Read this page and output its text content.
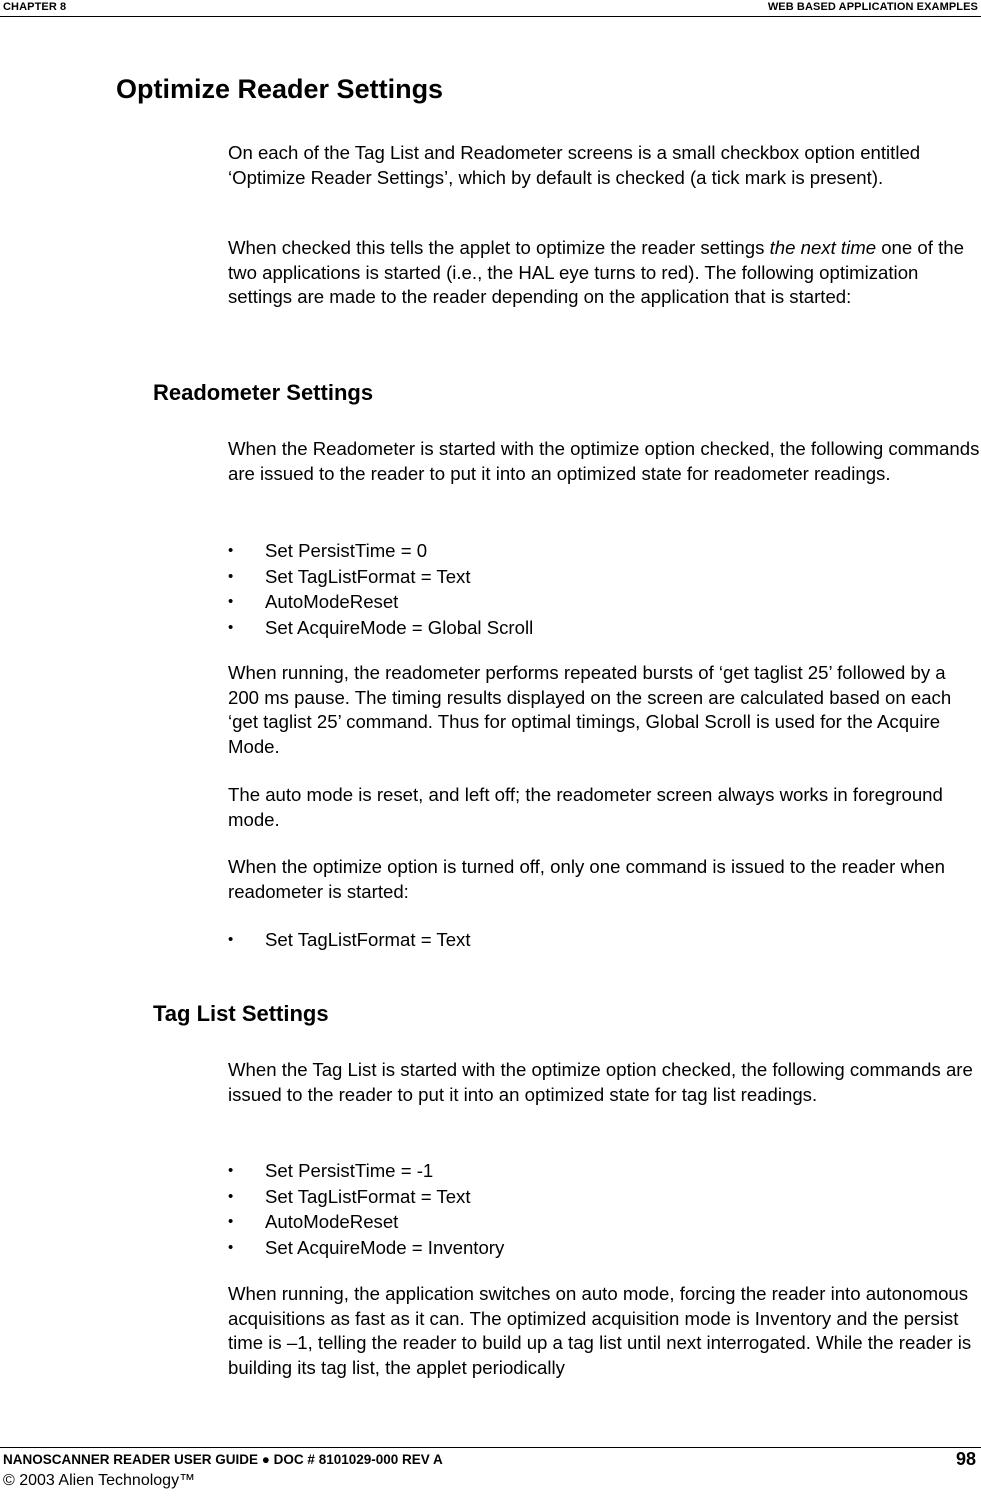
CHAPTER 8	WEB BASED APPLICATION EXAMPLES
Optimize Reader Settings

On each of the Tag List and Readometer screens is a small checkbox option entitled ‘Optimize Reader Settings’, which by default is checked (a tick mark is present).

When checked this tells the applet to optimize the reader settings the next time one of the two applications is started (i.e., the HAL eye turns to red). The following optimization settings are made to the reader depending on the application that is started:

Readometer Settings

When the Readometer is started with the optimize option checked, the following commands are issued to the reader to put it into an optimized state for readometer readings.

•	Set PersistTime = 0
•	Set TagListFormat = Text
•	AutoModeReset
•	Set AcquireMode = Global Scroll

When running, the readometer performs repeated bursts of ‘get taglist 25’ followed by a 200 ms pause. The timing results displayed on the screen are calculated based on each ‘get taglist 25’ command. Thus for optimal timings, Global Scroll is used for the Acquire Mode.

The auto mode is reset, and left off; the readometer screen always works in foreground mode.

When the optimize option is turned off, only one command is issued to the reader when readometer is started:

•	Set TagListFormat = Text
Tag List Settings

When the Tag List is started with the optimize option checked, the following commands are issued to the reader to put it into an optimized state for tag list readings.

•	Set PersistTime = -1
•	Set TagListFormat = Text
•	AutoModeReset
•	Set AcquireMode = Inventory

When running, the application switches on auto mode, forcing the reader into autonomous acquisitions as fast as it can. The optimized acquisition mode is Inventory and the persist time is –1, telling the reader to build up a tag list until next interrogated. While the reader is building its tag list, the applet periodically

NANOSCANNER READER USER GUIDE ● DOC # 8101029-000 REV A	98
© 2003 Alien Technology™
